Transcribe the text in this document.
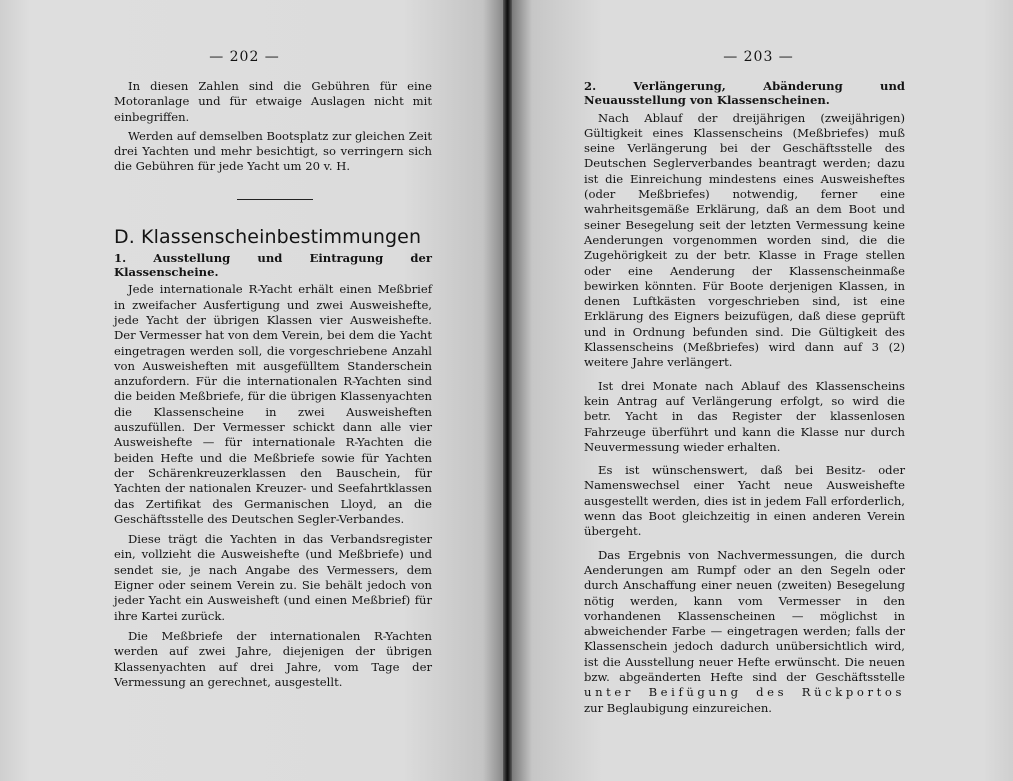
— 202 —

In diesen Zahlen sind die Gebühren für eine Motoranlage und für etwaige Auslagen nicht mit einbegriffen.

Werden auf demselben Bootsplatz zur gleichen Zeit drei Yachten und mehr besichtigt, so verringern sich die Gebühren für jede Yacht um 20 v. H.

D. Klassenscheinbestimmungen

1. Ausstellung und Eintragung der Klassenscheine.

Jede internationale R-Yacht erhält einen Meßbrief in zweifacher Ausfertigung und zwei Ausweishefte, jede Yacht der übrigen Klassen vier Ausweishefte. Der Vermesser hat von dem Verein, bei dem die Yacht eingetragen werden soll, die vorgeschriebene Anzahl von Ausweisheften mit ausgefülltem Standerschein anzufordern. Für die internationalen R-Yachten sind die beiden Meßbriefe, für die übrigen Klassenyachten die Klassenscheine in zwei Ausweisheften auszufüllen. Der Vermesser schickt dann alle vier Ausweishefte — für internationale R-Yachten die beiden Hefte und die Meßbriefe sowie für Yachten der Schärenkreuzerklassen den Bauschein, für Yachten der nationalen Kreuzer- und Seefahrtklassen das Zertifikat des Germanischen Lloyd, an die Geschäftsstelle des Deutschen Segler-Verbandes.

Diese trägt die Yachten in das Verbandsregister ein, vollzieht die Ausweishefte (und Meßbriefe) und sendet sie, je nach Angabe des Vermessers, dem Eigner oder seinem Verein zu. Sie behält jedoch von jeder Yacht ein Ausweisheft (und einen Meßbrief) für ihre Kartei zurück.

Die Meßbriefe der internationalen R-Yachten werden auf zwei Jahre, diejenigen der übrigen Klassenyachten auf drei Jahre, vom Tage der Vermessung an gerechnet, ausgestellt.

— 203 —

2. Verlängerung, Abänderung und Neuausstellung von Klassenscheinen.

Nach Ablauf der dreijährigen (zweijährigen) Gültigkeit eines Klassenscheins (Meßbriefes) muß seine Verlängerung bei der Geschäftsstelle des Deutschen Seglerverbandes beantragt werden; dazu ist die Einreichung mindestens eines Ausweisheftes (oder Meßbriefes) notwendig, ferner eine wahrheitsgemäße Erklärung, daß an dem Boot und seiner Besegelung seit der letzten Vermessung keine Aenderungen vorgenommen worden sind, die die Zugehörigkeit zu der betr. Klasse in Frage stellen oder eine Aenderung der Klassenscheinmaße bewirken könnten. Für Boote derjenigen Klassen, in denen Luftkästen vorgeschrieben sind, ist eine Erklärung des Eigners beizufügen, daß diese geprüft und in Ordnung befunden sind. Die Gültigkeit des Klassenscheins (Meßbriefes) wird dann auf 3 (2) weitere Jahre verlängert.

Ist drei Monate nach Ablauf des Klassenscheins kein Antrag auf Verlängerung erfolgt, so wird die betr. Yacht in das Register der klassenlosen Fahrzeuge überführt und kann die Klasse nur durch Neuvermessung wieder erhalten.

Es ist wünschenswert, daß bei Besitz- oder Namenswechsel einer Yacht neue Ausweishefte ausgestellt werden, dies ist in jedem Fall erforderlich, wenn das Boot gleichzeitig in einen anderen Verein übergeht.

Das Ergebnis von Nachvermessungen, die durch Aenderungen am Rumpf oder an den Segeln oder durch Anschaffung einer neuen (zweiten) Besegelung nötig werden, kann vom Vermesser in den vorhandenen Klassenscheinen — möglichst in abweichender Farbe — eingetragen werden; falls der Klassenschein jedoch dadurch unübersichtlich wird, ist die Ausstellung neuer Hefte erwünscht. Die neuen bzw. abgeänderten Hefte sind der Geschäftsstelle unter Beifügung des Rückportos zur Beglaubigung einzureichen.
